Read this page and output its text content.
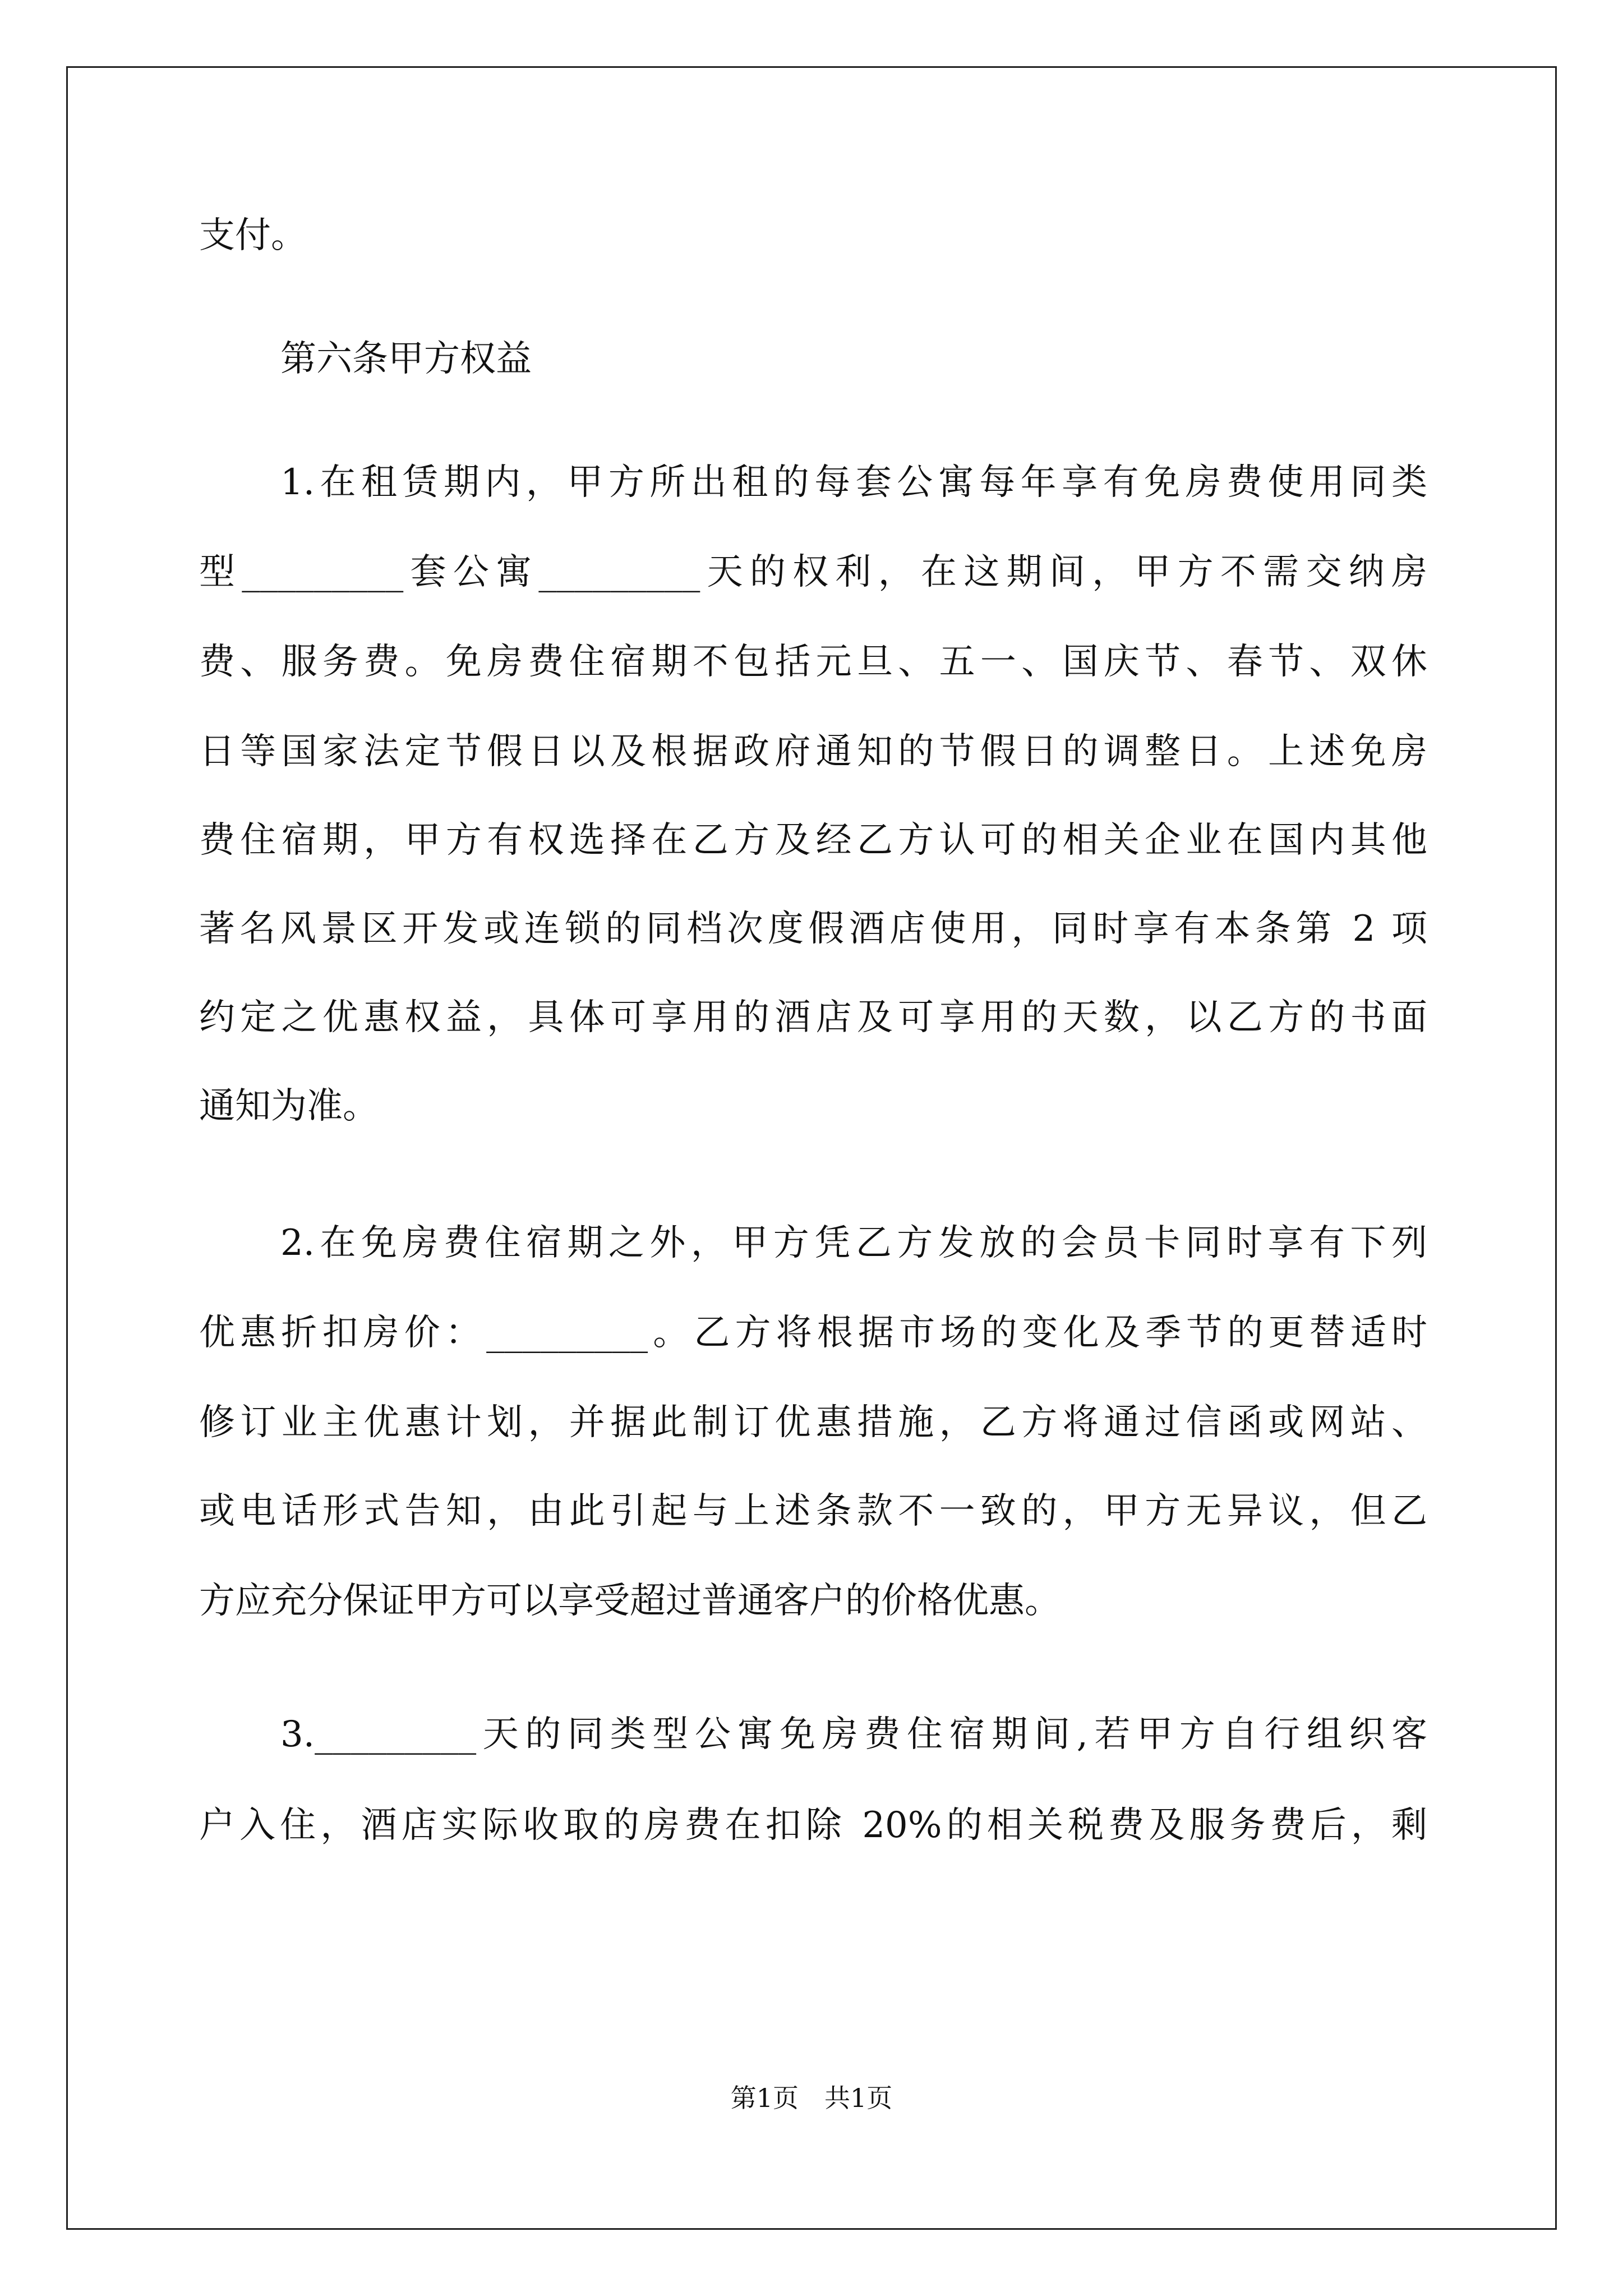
支付。
第六条甲方权益
1.在租赁期内，甲方所出租的每套公寓每年享有免房费使用同类
型_________套公寓_________天的权利，在这期间，甲方不需交纳房
费、服务费。免房费住宿期不包括元旦、五一、国庆节、春节、双休
日等国家法定节假日以及根据政府通知的节假日的调整日。上述免房
费住宿期，甲方有权选择在乙方及经乙方认可的相关企业在国内其他
著名风景区开发或连锁的同档次度假酒店使用，同时享有本条第 2 项
约定之优惠权益，具体可享用的酒店及可享用的天数，以乙方的书面
通知为准。
2.在免房费住宿期之外，甲方凭乙方发放的会员卡同时享有下列
优惠折扣房价：_________。乙方将根据市场的变化及季节的更替适时
修订业主优惠计划，并据此制订优惠措施，乙方将通过信函或网站、
或电话形式告知，由此引起与上述条款不一致的，甲方无异议，但乙
方应充分保证甲方可以享受超过普通客户的价格优惠。
3._________天的同类型公寓免房费住宿期间,若甲方自行组织客
户入住，酒店实际收取的房费在扣除 20%的相关税费及服务费后，剩
第1页　共1页
